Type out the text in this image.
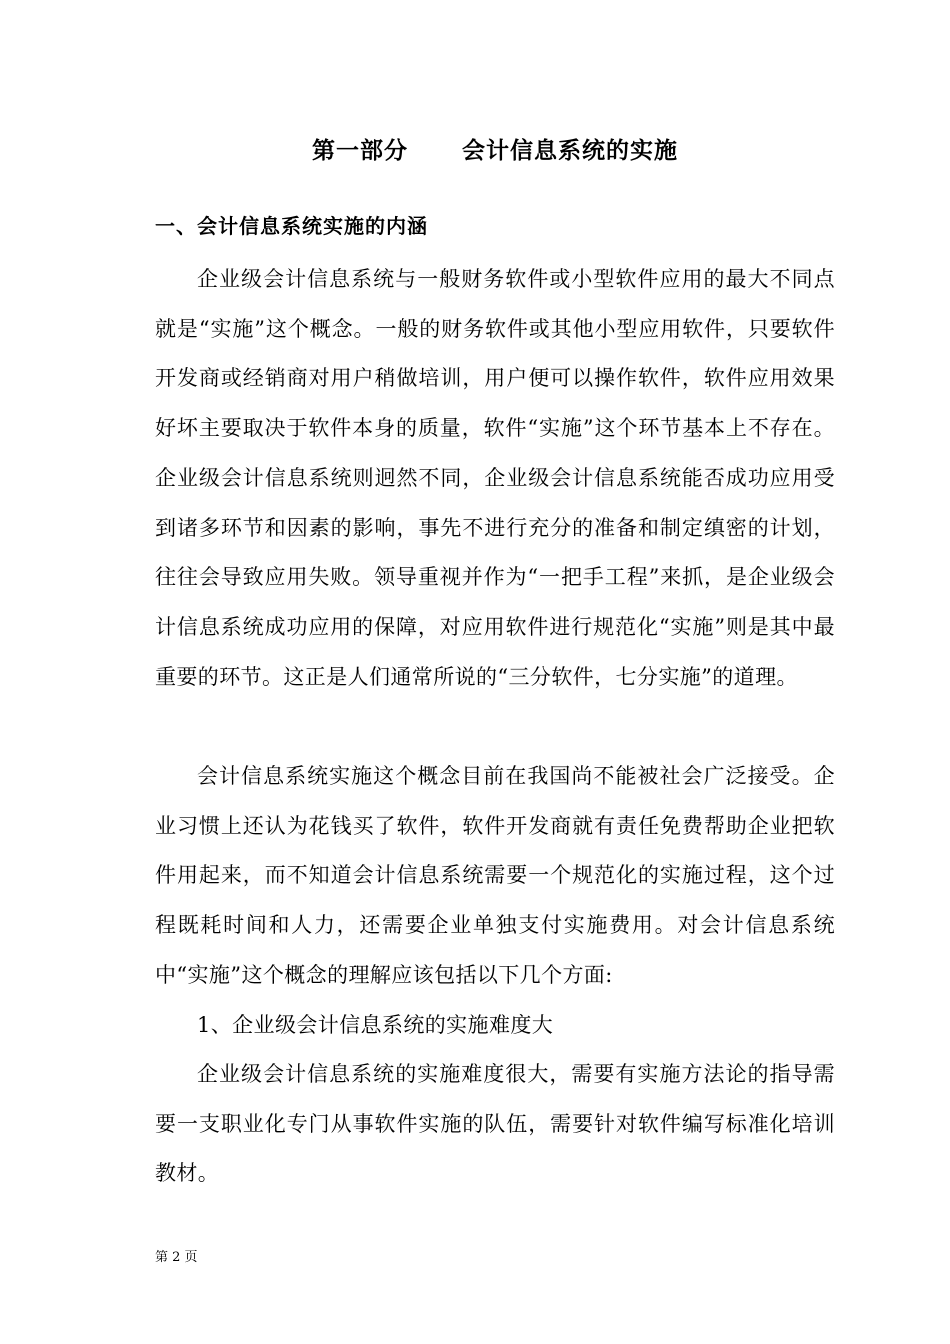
第一部分      会计信息系统的实施
一、会计信息系统实施的内涵

企业级会计信息系统与一般财务软件或小型软件应用的最大不同点就是“实施”这个概念。一般的财务软件或其他小型应用软件，只要软件开发商或经销商对用户稍做培训，用户便可以操作软件，软件应用效果好坏主要取决于软件本身的质量，软件“实施”这个环节基本上不存在。企业级会计信息系统则迥然不同，企业级会计信息系统能否成功应用受到诸多环节和因素的影响，事先不进行充分的准备和制定缜密的计划，往往会导致应用失败。领导重视并作为“一把手工程”来抓，是企业级会计信息系统成功应用的保障，对应用软件进行规范化“实施”则是其中最重要的环节。这正是人们通常所说的“三分软件，七分实施”的道理。

会计信息系统实施这个概念目前在我国尚不能被社会广泛接受。企业习惯上还认为花钱买了软件，软件开发商就有责任免费帮助企业把软件用起来，而不知道会计信息系统需要一个规范化的实施过程，这个过程既耗时间和人力，还需要企业单独支付实施费用。对会计信息系统中“实施”这个概念的理解应该包括以下几个方面:

1、企业级会计信息系统的实施难度大

企业级会计信息系统的实施难度很大，需要有实施方法论的指导需要一支职业化专门从事软件实施的队伍，需要针对软件编写标准化培训教材。

第 2 页
